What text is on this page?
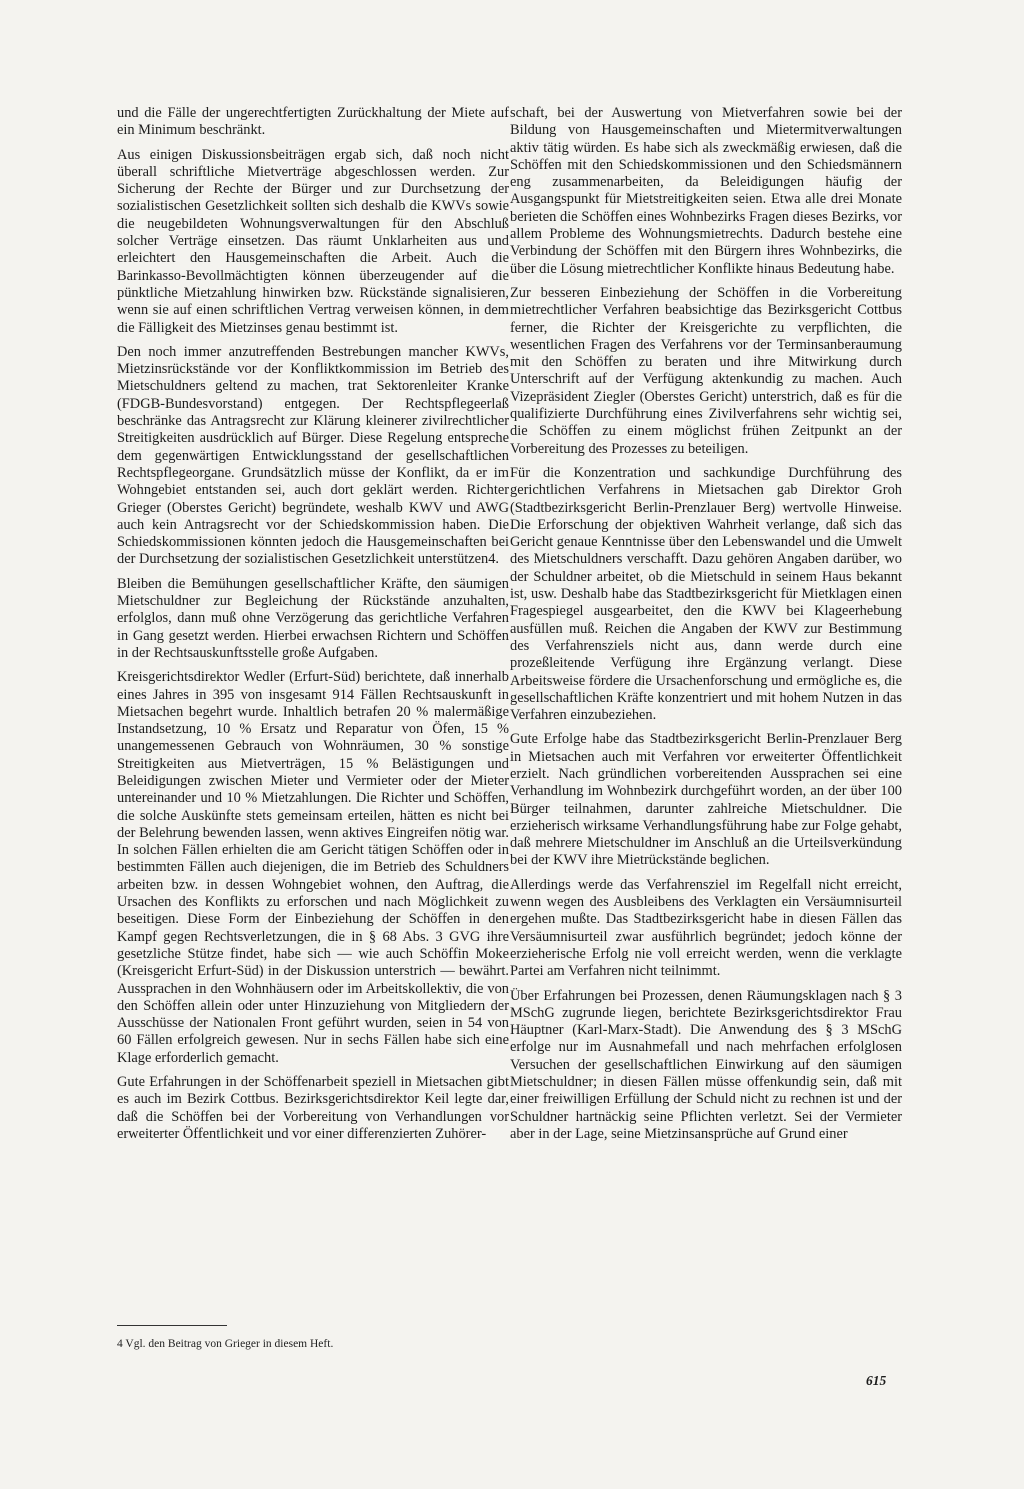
und die Fälle der ungerechtfertigten Zurückhaltung der Miete auf ein Minimum beschränkt.

Aus einigen Diskussionsbeiträgen ergab sich, daß noch nicht überall schriftliche Mietverträge abgeschlossen werden. Zur Sicherung der Rechte der Bürger und zur Durchsetzung der sozialistischen Gesetzlichkeit sollten sich deshalb die KWVs sowie die neugebildeten Wohnungsverwaltungen für den Abschluß solcher Verträge einsetzen. Das räumt Unklarheiten aus und erleichtert den Hausgemeinschaften die Arbeit. Auch die Barinkasso-Bevollmächtigten können überzeugender auf die pünktliche Mietzahlung hinwirken bzw. Rückstände signalisieren, wenn sie auf einen schriftlichen Vertrag verweisen können, in dem die Fälligkeit des Mietzinses genau bestimmt ist.

Den noch immer anzutreffenden Bestrebungen mancher KWVs, Mietzinsrückstände vor der Konfliktkommission im Betrieb des Mietschuldners geltend zu machen, trat Sektorenleiter Kranke (FDGB-Bundesvorstand) entgegen. Der Rechtspflegeerlaß beschränke das Antragsrecht zur Klärung kleinerer zivilrechtlicher Streitigkeiten ausdrücklich auf Bürger. Diese Regelung entspreche dem gegenwärtigen Entwicklungsstand der gesellschaftlichen Rechtspflegeorgane. Grundsätzlich müsse der Konflikt, da er im Wohngebiet entstanden sei, auch dort geklärt werden. Richter Grieger (Oberstes Gericht) begründete, weshalb KWV und AWG auch kein Antragsrecht vor der Schiedskommission haben. Die Schiedskommissionen könnten jedoch die Hausgemeinschaften bei der Durchsetzung der sozialistischen Gesetzlichkeit unterstützen4.

Bleiben die Bemühungen gesellschaftlicher Kräfte, den säumigen Mietschuldner zur Begleichung der Rückstände anzuhalten, erfolglos, dann muß ohne Verzögerung das gerichtliche Verfahren in Gang gesetzt werden. Hierbei erwachsen Richtern und Schöffen in der Rechtsauskunftsstelle große Aufgaben.

Kreisgerichtsdirektor Wedler (Erfurt-Süd) berichtete, daß innerhalb eines Jahres in 395 von insgesamt 914 Fällen Rechtsauskunft in Mietsachen begehrt wurde. Inhaltlich betrafen 20 % malermäßige Instandsetzung, 10 % Ersatz und Reparatur von Öfen, 15 % unangemessenen Gebrauch von Wohnräumen, 30 % sonstige Streitigkeiten aus Mietverträgen, 15 % Belästigungen und Beleidigungen zwischen Mieter und Vermieter oder der Mieter untereinander und 10 % Mietzahlungen. Die Richter und Schöffen, die solche Auskünfte stets gemeinsam erteilen, hätten es nicht bei der Belehrung bewenden lassen, wenn aktives Eingreifen nötig war. In solchen Fällen erhielten die am Gericht tätigen Schöffen oder in bestimmten Fällen auch diejenigen, die im Betrieb des Schuldners arbeiten bzw. in dessen Wohngebiet wohnen, den Auftrag, die Ursachen des Konflikts zu erforschen und nach Möglichkeit zu beseitigen. Diese Form der Einbeziehung der Schöffen in den Kampf gegen Rechtsverletzungen, die in § 68 Abs. 3 GVG ihre gesetzliche Stütze findet, habe sich — wie auch Schöffin Moke (Kreisgericht Erfurt-Süd) in der Diskussion unterstrich — bewährt. Aussprachen in den Wohnhäusern oder im Arbeitskollektiv, die von den Schöffen allein oder unter Hinzuziehung von Mitgliedern der Ausschüsse der Nationalen Front geführt wurden, seien in 54 von 60 Fällen erfolgreich gewesen. Nur in sechs Fällen habe sich eine Klage erforderlich gemacht.

Gute Erfahrungen in der Schöffenarbeit speziell in Mietsachen gibt es auch im Bezirk Cottbus. Bezirksgerichtsdirektor Keil legte dar, daß die Schöffen bei der Vorbereitung von Verhandlungen vor erweiterter Öffentlichkeit und vor einer differenzierten Zuhörer-

schaft, bei der Auswertung von Mietverfahren sowie bei der Bildung von Hausgemeinschaften und Mietermitverwaltungen aktiv tätig würden. Es habe sich als zweckmäßig erwiesen, daß die Schöffen mit den Schiedskommissionen und den Schiedsmännern eng zusammenarbeiten, da Beleidigungen häufig der Ausgangspunkt für Mietstreitigkeiten seien. Etwa alle drei Monate berieten die Schöffen eines Wohnbezirks Fragen dieses Bezirks, vor allem Probleme des Wohnungsmietrechts. Dadurch bestehe eine Verbindung der Schöffen mit den Bürgern ihres Wohnbezirks, die über die Lösung mietrechtlicher Konflikte hinaus Bedeutung habe.

Zur besseren Einbeziehung der Schöffen in die Vorbereitung mietrechtlicher Verfahren beabsichtige das Bezirksgericht Cottbus ferner, die Richter der Kreisgerichte zu verpflichten, die wesentlichen Fragen des Verfahrens vor der Terminsanberaumung mit den Schöffen zu beraten und ihre Mitwirkung durch Unterschrift auf der Verfügung aktenkundig zu machen. Auch Vizepräsident Ziegler (Oberstes Gericht) unterstrich, daß es für die qualifizierte Durchführung eines Zivilverfahrens sehr wichtig sei, die Schöffen zu einem möglichst frühen Zeitpunkt an der Vorbereitung des Prozesses zu beteiligen.

Für die Konzentration und sachkundige Durchführung des gerichtlichen Verfahrens in Mietsachen gab Direktor Groh (Stadtbezirksgericht Berlin-Prenzlauer Berg) wertvolle Hinweise. Die Erforschung der objektiven Wahrheit verlange, daß sich das Gericht genaue Kenntnisse über den Lebenswandel und die Umwelt des Mietschuldners verschafft. Dazu gehören Angaben darüber, wo der Schuldner arbeitet, ob die Mietschuld in seinem Haus bekannt ist, usw. Deshalb habe das Stadtbezirksgericht für Mietklagen einen Fragespiegel ausgearbeitet, den die KWV bei Klageerhebung ausfüllen muß. Reichen die Angaben der KWV zur Bestimmung des Verfahrensziels nicht aus, dann werde durch eine prozeßleitende Verfügung ihre Ergänzung verlangt. Diese Arbeitsweise fördere die Ursachenforschung und ermögliche es, die gesellschaftlichen Kräfte konzentriert und mit hohem Nutzen in das Verfahren einzubeziehen.

Gute Erfolge habe das Stadtbezirksgericht Berlin-Prenzlauer Berg in Mietsachen auch mit Verfahren vor erweiterter Öffentlichkeit erzielt. Nach gründlichen vorbereitenden Aussprachen sei eine Verhandlung im Wohnbezirk durchgeführt worden, an der über 100 Bürger teilnahmen, darunter zahlreiche Mietschuldner. Die erzieherisch wirksame Verhandlungsführung habe zur Folge gehabt, daß mehrere Mietschuldner im Anschluß an die Urteilsverkündung bei der KWV ihre Mietrückstände beglichen.

Allerdings werde das Verfahrensziel im Regelfall nicht erreicht, wenn wegen des Ausbleibens des Verklagten ein Versäumnisurteil ergehen mußte. Das Stadtbezirksgericht habe in diesen Fällen das Versäumnisurteil zwar ausführlich begründet; jedoch könne der erzieherische Erfolg nie voll erreicht werden, wenn die verklagte Partei am Verfahren nicht teilnimmt.

Über Erfahrungen bei Prozessen, denen Räumungsklagen nach § 3 MSchG zugrunde liegen, berichtete Bezirksgerichtsdirektor Frau Häuptner (Karl-Marx-Stadt). Die Anwendung des § 3 MSchG erfolge nur im Ausnahmefall und nach mehrfachen erfolglosen Versuchen der gesellschaftlichen Einwirkung auf den säumigen Mietschuldner; in diesen Fällen müsse offenkundig sein, daß mit einer freiwilligen Erfüllung der Schuld nicht zu rechnen ist und der Schuldner hartnäckig seine Pflichten verletzt. Sei der Vermieter aber in der Lage, seine Mietzinsansprüche auf Grund einer

4 Vgl. den Beitrag von Grieger in diesem Heft.
615
